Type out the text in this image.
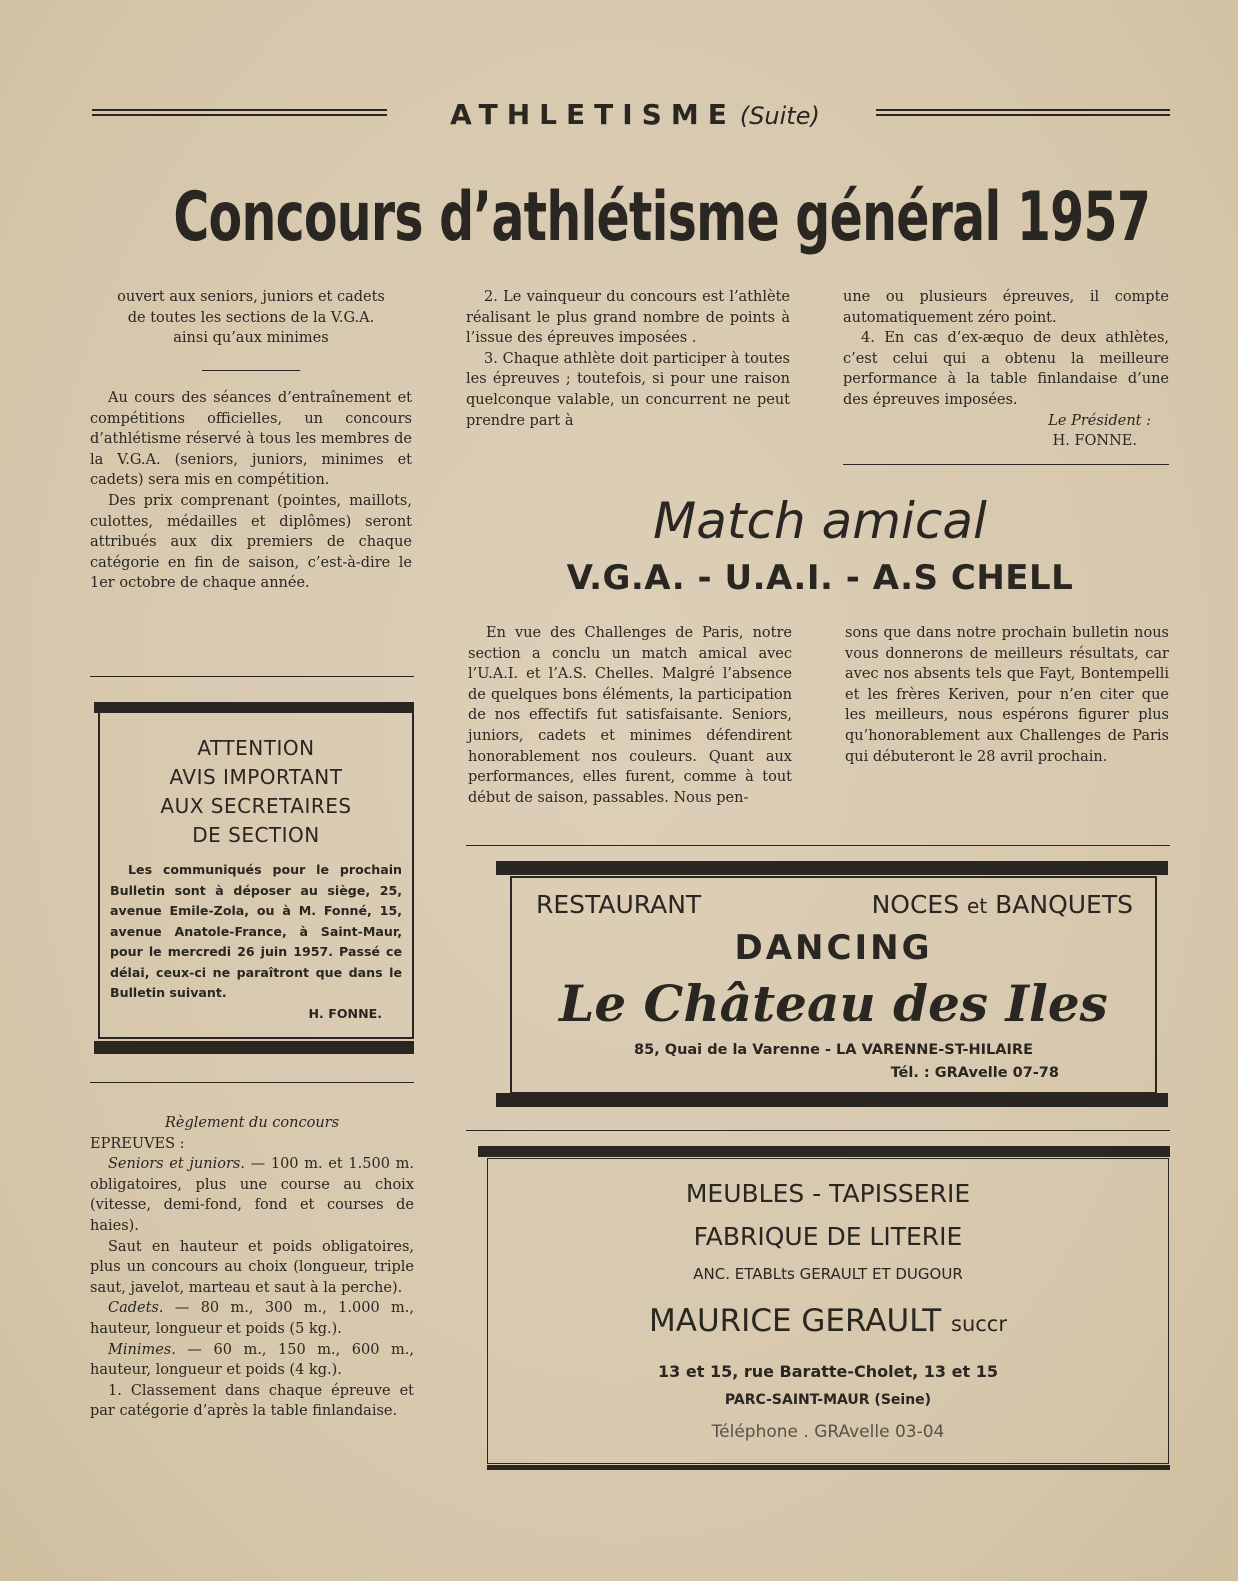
ATHLETISME (Suite)
Concours d’athlétisme général 1957
ouvert aux seniors, juniors et cadets
de toutes les sections de la V.G.A.
ainsi qu’aux minimes

Au cours des séances d’entraînement et compétitions officielles, un concours d’athlétisme réservé à tous les membres de la V.G.A. (seniors, juniors, minimes et cadets) sera mis en compétition.

Des prix comprenant (pointes, maillots, culottes, médailles et diplômes) seront attribués aux dix premiers de chaque catégorie en fin de saison, c’est-à-dire le 1er octobre de chaque année.

ATTENTION
AVIS IMPORTANT
AUX SECRETAIRES
DE SECTION
Les communiqués pour le prochain Bulletin sont à déposer au siège, 25, avenue Emile-Zola, ou à M. Fonné, 15, avenue Anatole-France, à Saint-Maur, pour le mercredi 26 juin 1957. Passé ce délai, ceux-ci ne paraîtront que dans le Bulletin suivant.
H. FONNE.
Règlement du concours

EPREUVES :

Seniors et juniors. — 100 m. et 1.500 m. obligatoires, plus une course au choix (vitesse, demi-fond, fond et courses de haies).

Saut en hauteur et poids obligatoires, plus un concours au choix (longueur, triple saut, javelot, marteau et saut à la perche).

Cadets. — 80 m., 300 m., 1.000 m., hauteur, longueur et poids (5 kg.).

Minimes. — 60 m., 150 m., 600 m., hauteur, longueur et poids (4 kg.).

1. Classement dans chaque épreuve et par catégorie d’après la table finlandaise.

2. Le vainqueur du concours est l’athlète réalisant le plus grand nombre de points à l’issue des épreuves imposées .

3. Chaque athlète doit participer à toutes les épreuves ; toutefois, si pour une raison quelconque valable, un concurrent ne peut prendre part à

une ou plusieurs épreuves, il compte automatiquement zéro point.

4. En cas d’ex-æquo de deux athlètes, c’est celui qui a obtenu la meilleure performance à la table finlandaise d’une des épreuves imposées.

Le Président :
H. FONNE.
Match amical
V.G.A. - U.A.I. - A.S CHELL

En vue des Challenges de Paris, notre section a conclu un match amical avec l’U.A.I. et l’A.S. Chelles. Malgré l’absence de quelques bons éléments, la participation de nos effectifs fut satisfaisante. Seniors, juniors, cadets et minimes défendirent honorablement nos couleurs. Quant aux performances, elles furent, comme à tout début de saison, passables. Nous pen-

sons que dans notre prochain bulletin nous vous donnerons de meilleurs résultats, car avec nos absents tels que Fayt, Bontempelli et les frères Keriven, pour n’en citer que les meilleurs, nous espérons figurer plus qu’honorablement aux Challenges de Paris qui débuteront le 28 avril prochain.

RESTAURANT	NOCES et BANQUETS
DANCING
Le Château des Iles
85, Quai de la Varenne - LA VARENNE-ST-HILAIRE
Tél. : GRAvelle 07-78
MEUBLES - TAPISSERIE
FABRIQUE DE LITERIE
ANC. ETABLts GERAULT ET DUGOUR
MAURICE GERAULT succr
13 et 15, rue Baratte-Cholet, 13 et 15
PARC-SAINT-MAUR (Seine)
Téléphone . GRAvelle 03-04
